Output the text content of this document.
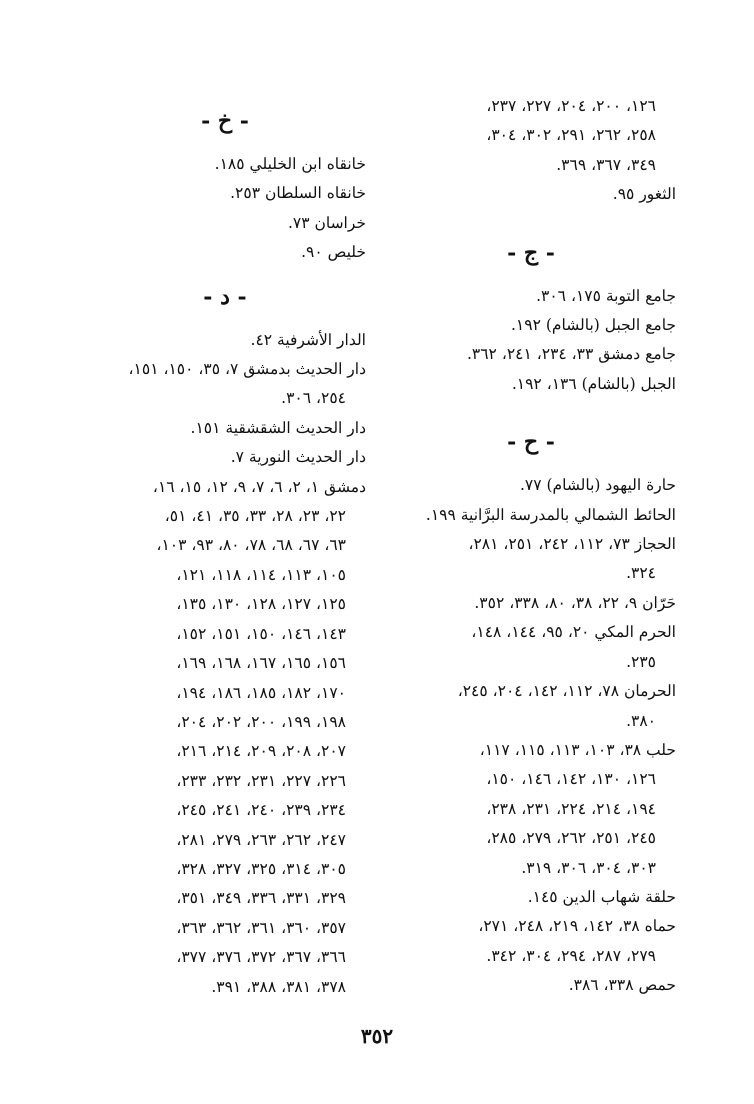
١٢٦، ٢٠٠، ٢٠٤، ٢٢٧، ٢٣٧،
٢٥٨، ٢٦٢، ٢٩١، ٣٠٢، ٣٠٤،
٣٤٩، ٣٦٧، ٣٦٩.
الثغور ٩٥.
- ج -
جامع التوبة ١٧٥، ٣٠٦.
جامع الجبل (بالشام) ١٩٢.
جامع دمشق ٣٣، ٢٣٤، ٢٤١، ٣٦٢.
الجبل (بالشام) ١٣٦، ١٩٢.
- ح -
حارة اليهود (بالشام) ٧٧.
الحائط الشمالي بالمدرسة البرَّانية ١٩٩.
الحجاز ٧٣، ١١٢، ٢٤٢، ٢٥١، ٢٨١،
٣٢٤.
حَرّان ٩، ٢٢، ٣٨، ٨٠، ٣٣٨، ٣٥٢.
الحرم المكي ٢٠، ٩٥، ١٤٤، ١٤٨،
٢٣٥.
الحرمان ٧٨، ١١٢، ١٤٢، ٢٠٤، ٢٤٥،
٣٨٠.
حلب ٣٨، ١٠٣، ١١٣، ١١٥، ١١٧،
١٢٦، ١٣٠، ١٤٢، ١٤٦، ١٥٠،
١٩٤، ٢١٤، ٢٢٤، ٢٣١، ٢٣٨،
٢٤٥، ٢٥١، ٢٦٢، ٢٧٩، ٢٨٥،
٣٠٣، ٣٠٤، ٣٠٦، ٣١٩.
حلقة شهاب الدين ١٤٥.
حماه ٣٨، ١٤٢، ٢١٩، ٢٤٨، ٢٧١،
٢٧٩، ٢٨٧، ٢٩٤، ٣٠٤، ٣٤٢.
حمص ٣٣٨، ٣٨٦.
- خ -
خانقاه ابن الخليلي ١٨٥.
خانقاه السلطان ٢٥٣.
خراسان ٧٣.
خليص ٩٠.
- د -
الدار الأشرفية ٤٢.
دار الحديث بدمشق ٧، ٣٥، ١٥٠، ١٥١،
٢٥٤، ٣٠٦.
دار الحديث الشقشقية ١٥١.
دار الحديث النورية ٧.
دمشق ١، ٢، ٦، ٧، ٩، ١٢، ١٥، ١٦،
٢٢، ٢٣، ٢٨، ٣٣، ٣٥، ٤١، ٥١،
٦٣، ٦٧، ٦٨، ٧٨، ٨٠، ٩٣، ١٠٣،
١٠٥، ١١٣، ١١٤، ١١٨، ١٢١،
١٢٥، ١٢٧، ١٢٨، ١٣٠، ١٣٥،
١٤٣، ١٤٦، ١٥٠، ١٥١، ١٥٢،
١٥٦، ١٦٥، ١٦٧، ١٦٨، ١٦٩،
١٧٠، ١٨٢، ١٨٥، ١٨٦، ١٩٤،
١٩٨، ١٩٩، ٢٠٠، ٢٠٢، ٢٠٤،
٢٠٧، ٢٠٨، ٢٠٩، ٢١٤، ٢١٦،
٢٢٦، ٢٢٧، ٢٣١، ٢٣٢، ٢٣٣،
٢٣٤، ٢٣٩، ٢٤٠، ٢٤١، ٢٤٥،
٢٤٧، ٢٦٢، ٢٦٣، ٢٧٩، ٢٨١،
٣٠٥، ٣١٤، ٣٢٥، ٣٢٧، ٣٢٨،
٣٢٩، ٣٣١، ٣٣٦، ٣٤٩، ٣٥١،
٣٥٧، ٣٦٠، ٣٦١، ٣٦٢، ٣٦٣،
٣٦٦، ٣٦٧، ٣٧٢، ٣٧٦، ٣٧٧،
٣٧٨، ٣٨١، ٣٨٨، ٣٩١.
٣٥٢
